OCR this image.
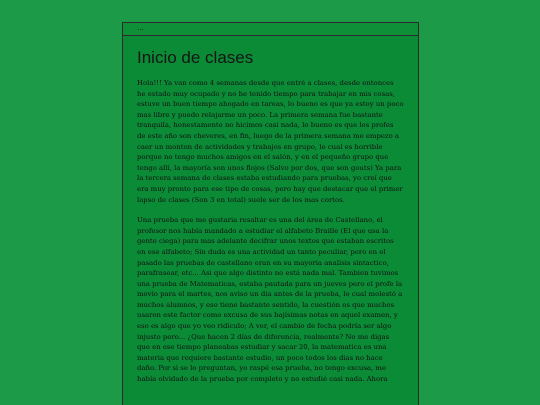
...
Inicio de clases

Hola!!! Ya van como 4 semanas desde que entré a clases, desde entonces he estado muy ocupado y no he tenido tiempo para trabajar en mis cosas, estuve un buen tiempo ahogado en tareas, lo bueno es que ya estoy un poco mas libre y puedo relajarme un poco. La primera semana fue bastante tranquila, honestamente no hicimos casi nada, lo bueno es que los profes de este año son cheveres, en fin, luego de la primera semana me empezo a caer un monton de actividades y trabajos en grupo, lo cual es horrible porque no tengo muchos amigos en el salón, y en el pequeño grupo que tengo allí, la mayoría son unos flojos (Salvo por dos, que son gouts) Ya para la tercera semana de clases estaba estudiando para pruebas, yo creí que era muy pronto para ese tipo de cosas, pero hay que destacar que el primer lapso de clases (Son 3 en total) suele ser de los mas cortos.

Una prueba que me gustaria resaltar es una del área de Castellano, el profesor nos había mandado a estudiar el alfabeto Braille (El que usa la gente ciega) para mas adelante decifrar unos textos que estaban escritos en ese alfabeto; Sin duda es una actividad un tanto peculiar, pero en el pasado las pruebas de castellano eran en su mayoria analisis sintactico, parafrasear, etc... Asi que algo distinto no está nada mal. Tambien tuvimos una prueba de Matematicas, estaba pautada para un jueves pero el profe la movio para el martes, nos aviso un dia antes de la prueba, lo cual molestó a muchos alumnos, y eso tiene bastante sentido, la cuestión es que muchos usaron este factor como excusa de sus bajísimas notas en aquel examen, y eso es algo que yo veo ridículo; A ver, el cambio de fecha podría ser algo injusto pero... ¿Que hacen 2 días de diferencia, realmente? No me digas que en ese tiempo planeabas estudiar y sacar 20, la matematica es una materia que requiere bastante estudio, un poco todos los dias no hace daño. Por si se lo preguntan, yo raspé esa prueba, no tengo excusa, me había olvidado de la prueba por completo y no estudié casi nada. Ahora
